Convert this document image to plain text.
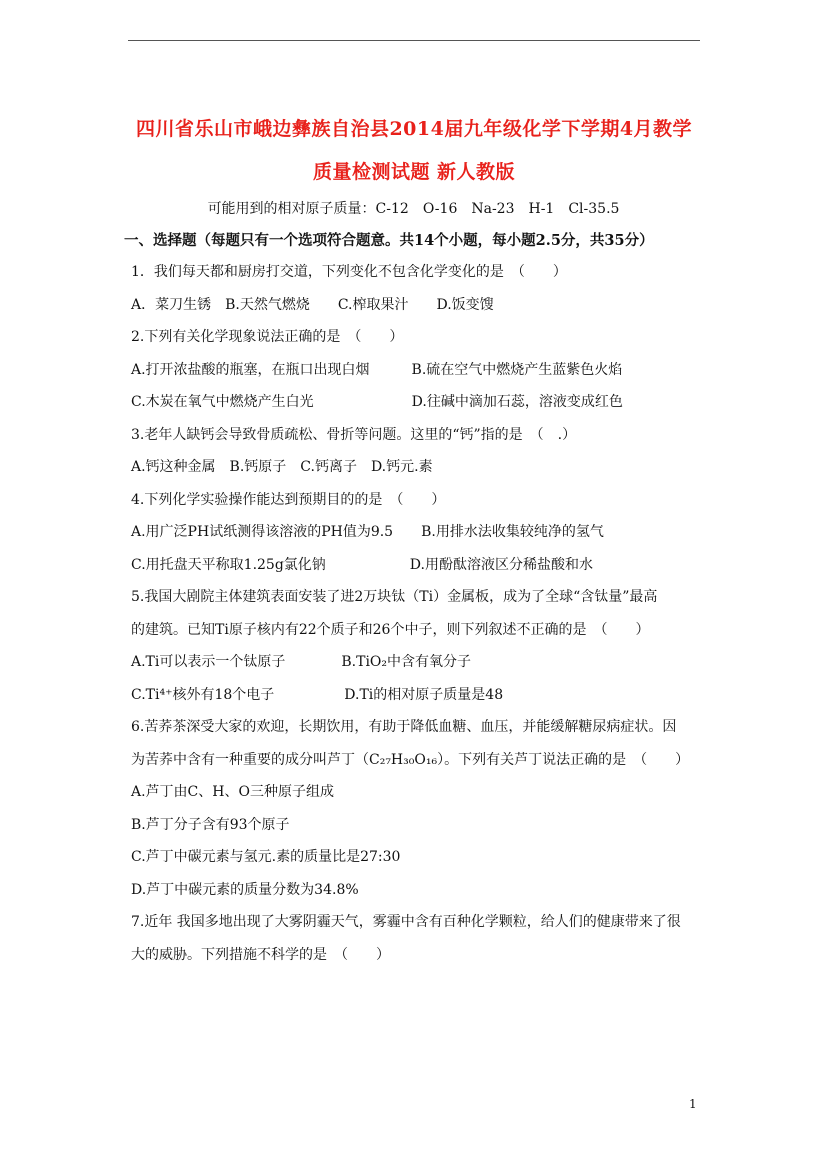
四川省乐山市峨边彝族自治县2014届九年级化学下学期4月教学
质量检测试题 新人教版
可能用到的相对原子质量：C-12　O-16　Na-23　H-1　Cl-35.5
一、选择题（每题只有一个选项符合题意。共14个小题，每小题2.5分，共35分）
1．我们每天都和厨房打交道，下列变化不包含化学变化的是　（　　）
A．菜刀生锈　B.天然气燃烧　　C.榨取果汁　　D.饭变馊
2.下列有关化学现象说法正确的是　（　　）
A.打开浓盐酸的瓶塞，在瓶口出现白烟　　　B.硫在空气中燃烧产生蓝紫色火焰
C.木炭在氧气中燃烧产生白光　　　　　　　D.往碱中滴加石蕊，溶液变成红色
3.老年人缺钙会导致骨质疏松、骨折等问题。这里的“钙”指的是　（　.）
A.钙这种金属　B.钙原子　C.钙离子　D.钙元.素
4.下列化学实验操作能达到预期目的的是　（　　）
A.用广泛PH试纸测得该溶液的PH值为9.5　　B.用排水法收集较纯净的氢气
C.用托盘天平称取1.25g氯化钠　　　　　　D.用酚酞溶液区分稀盐酸和水
5.我国大剧院主体建筑表面安装了进2万块钛（Ti）金属板，成为了全球“含钛量”最高
的建筑。已知Ti原子核内有22个质子和26个中子，则下列叙述不正确的是　（　　）
A.Ti可以表示一个钛原子　　　　B.TiO₂中含有氧分子
C.Ti⁴⁺核外有18个电子　　　　　D.Ti的相对原子质量是48
6.苦荞茶深受大家的欢迎，长期饮用，有助于降低血糖、血压，并能缓解糖尿病症状。因
为苦荞中含有一种重要的成分叫芦丁（C₂₇H₃₀O₁₆）。下列有关芦丁说法正确的是　（　　）
A.芦丁由C、H、O三种原子组成
B.芦丁分子含有93个原子
C.芦丁中碳元素与氢元.素的质量比是27:30
D.芦丁中碳元素的质量分数为34.8%
7.近年 我国多地出现了大雾阴霾天气，雾霾中含有百种化学颗粒，给人们的健康带来了很
大的威胁。下列措施不科学的是　（　　）
1
